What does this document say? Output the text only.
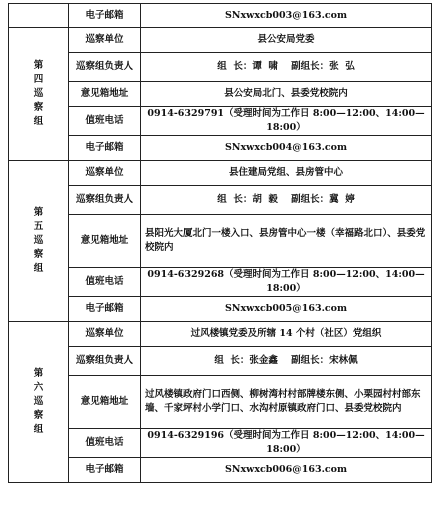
	电子邮箱	SNxwxcb003@163.com

第
四
巡
察
组	巡察单位	县公安局党委
	巡察组负责人	组  长：谭  啸    副组长：张  弘
	意见箱地址	县公安局北门、县委党校院内
	值班电话	0914-6329791（受理时间为工作日 8:00—12:00、14:00—18:00）
	电子邮箱	SNxwxcb004@163.com

第
五
巡
察
组	巡察单位	县住建局党组、县房管中心
	巡察组负责人	组  长：胡  毅    副组长：冀  婷
	意见箱地址	县阳光大厦北门一楼入口、县房管中心一楼（幸福路北口）、县委党校院内
	值班电话	0914-6329268（受理时间为工作日 8:00—12:00、14:00—18:00）
	电子邮箱	SNxwxcb005@163.com

第
六
巡
察
组	巡察单位	过风楼镇党委及所辖 14 个村（社区）党组织
	巡察组负责人	组  长：张金鑫    副组长：宋林佩
	意见箱地址	过风楼镇政府门口西侧、柳树湾村村部牌楼东侧、小栗园村村部东墙、千家坪村小学门口、水沟村原镇政府门口、县委党校院内
	值班电话	0914-6329196（受理时间为工作日 8:00—12:00、14:00—18:00）
	电子邮箱	SNxwxcb006@163.com
